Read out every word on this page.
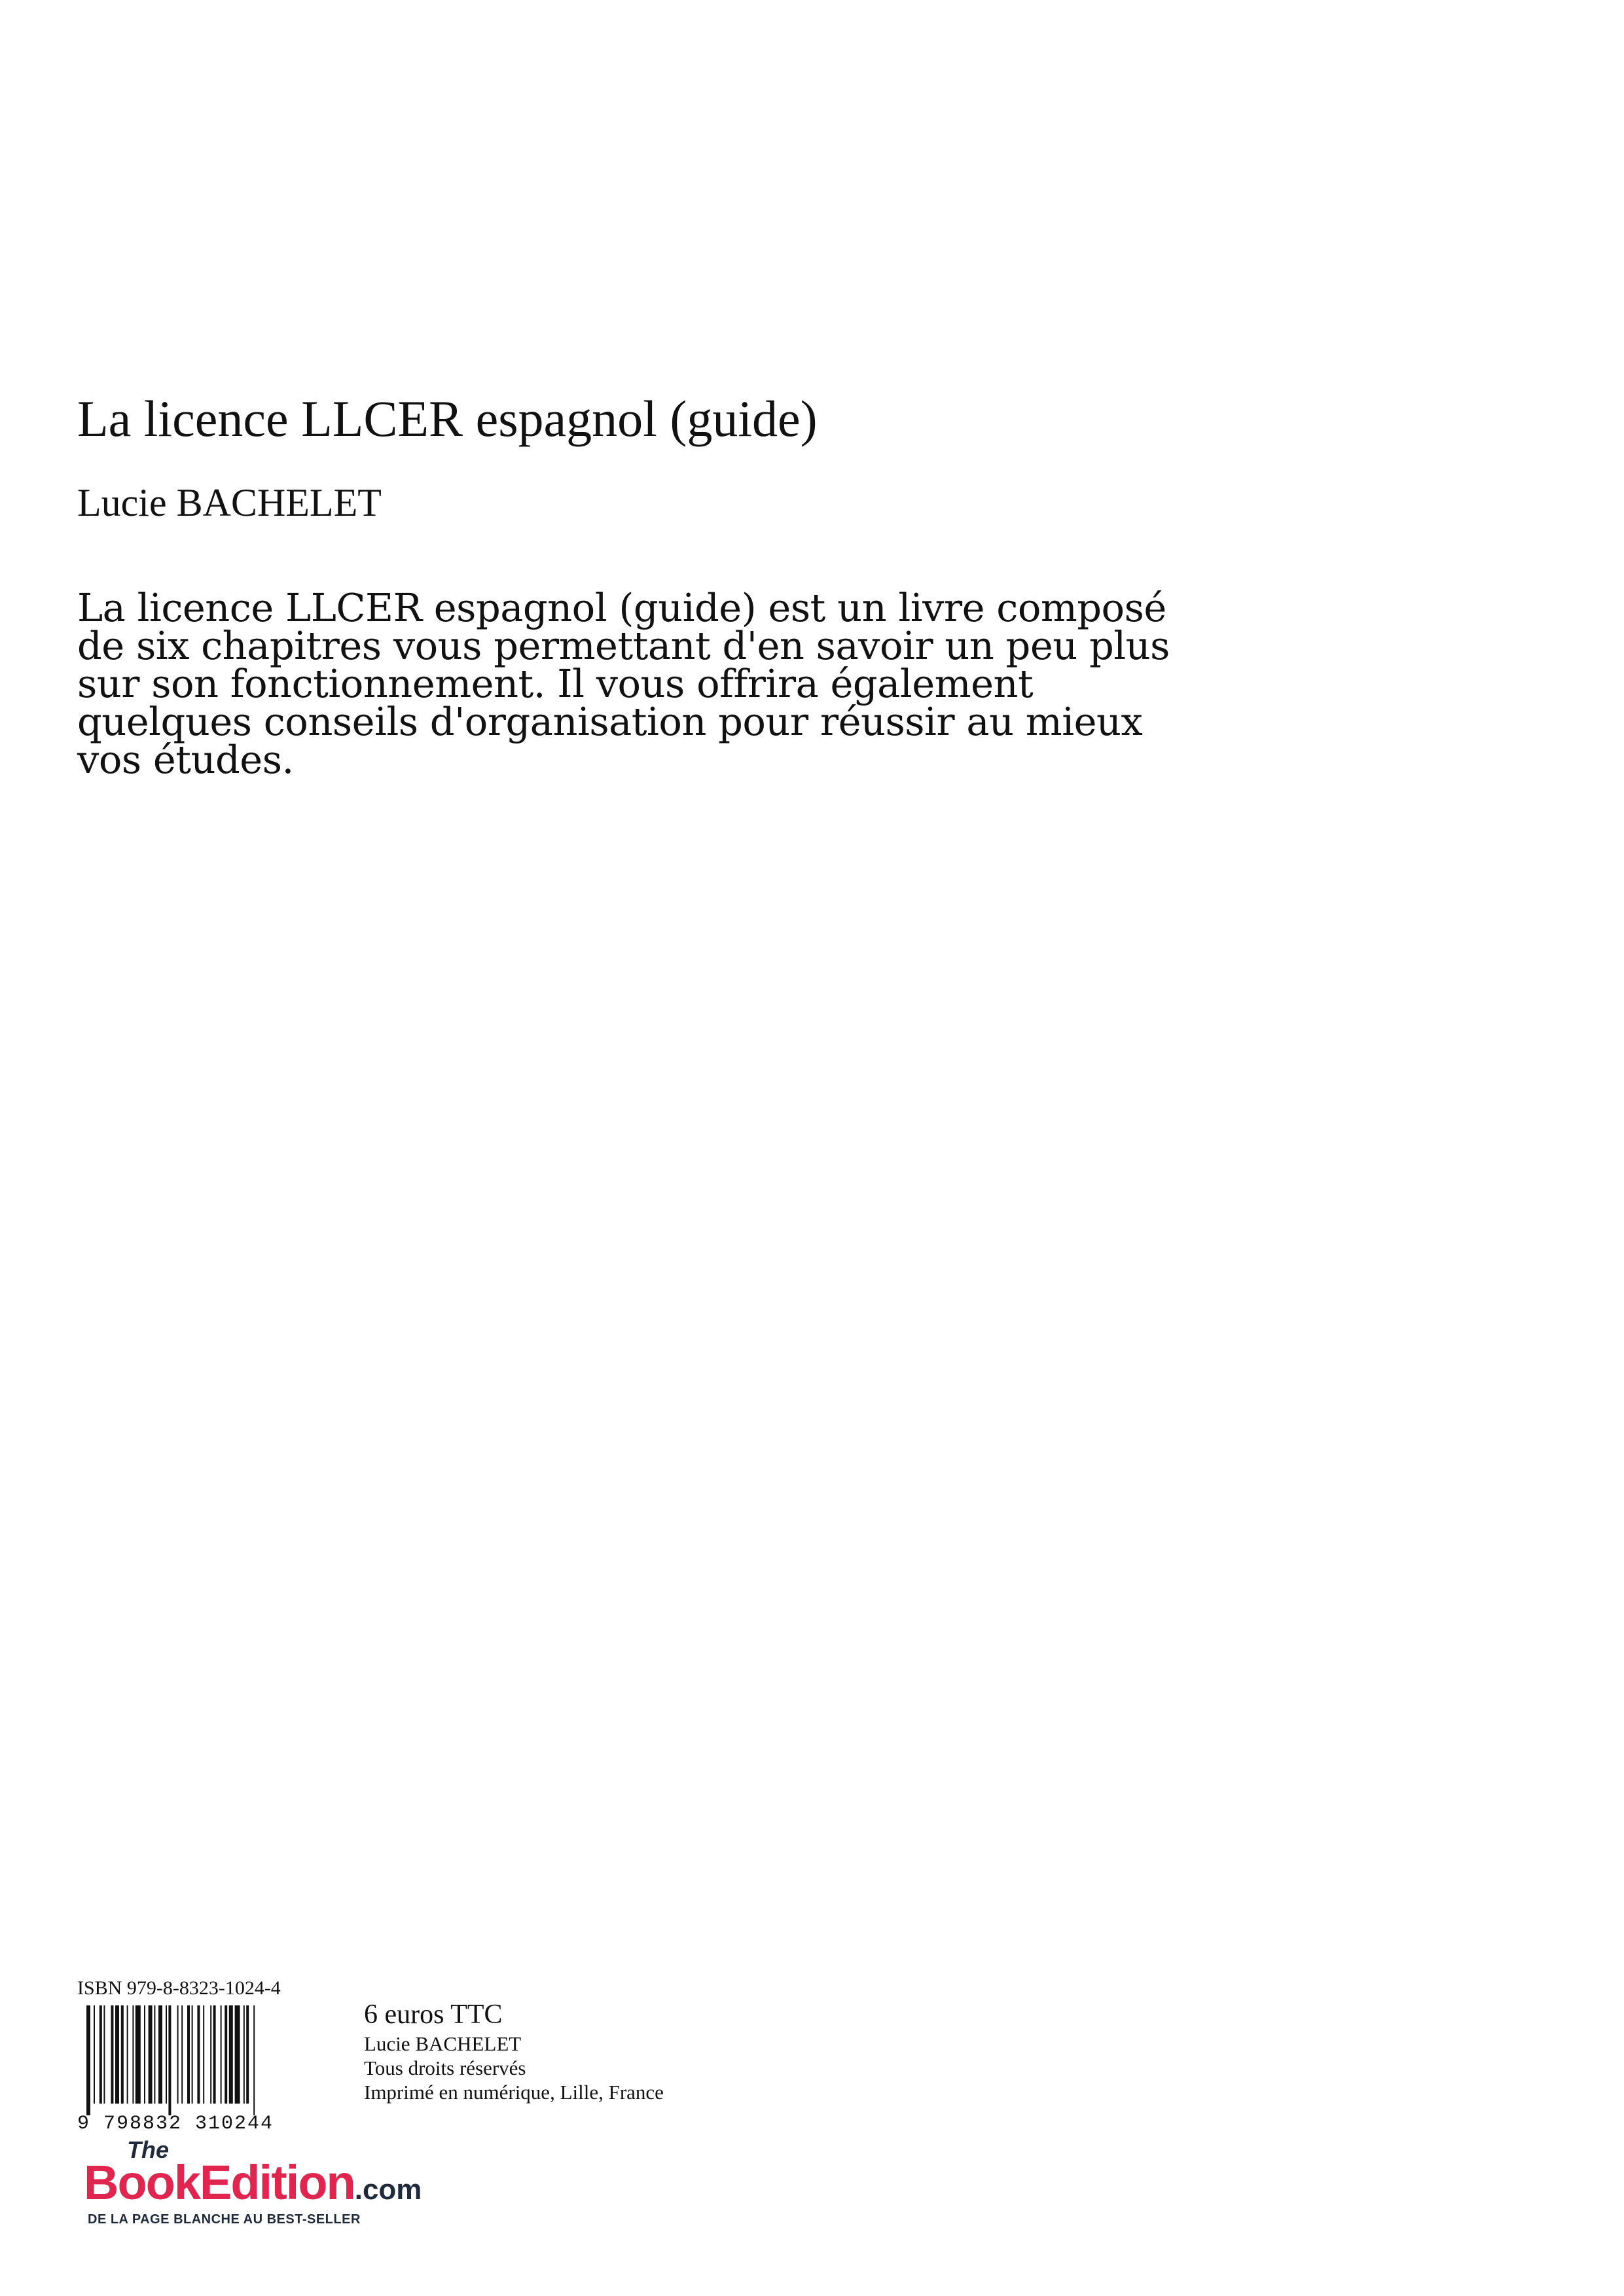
La licence LLCER espagnol (guide)
Lucie BACHELET
La licence LLCER espagnol (guide) est un livre composé
de six chapitres vous permettant d'en savoir un peu plus
sur son fonctionnement. Il vous offrira également
quelques conseils d'organisation pour réussir au mieux
vos études.
ISBN 979-8-8323-1024-4
9 798832 310244
6 euros TTC
Lucie BACHELET
Tous droits réservés
Imprimé en numérique, Lille, France
The
BookEdition.com
DE LA PAGE BLANCHE AU BEST-SELLER
